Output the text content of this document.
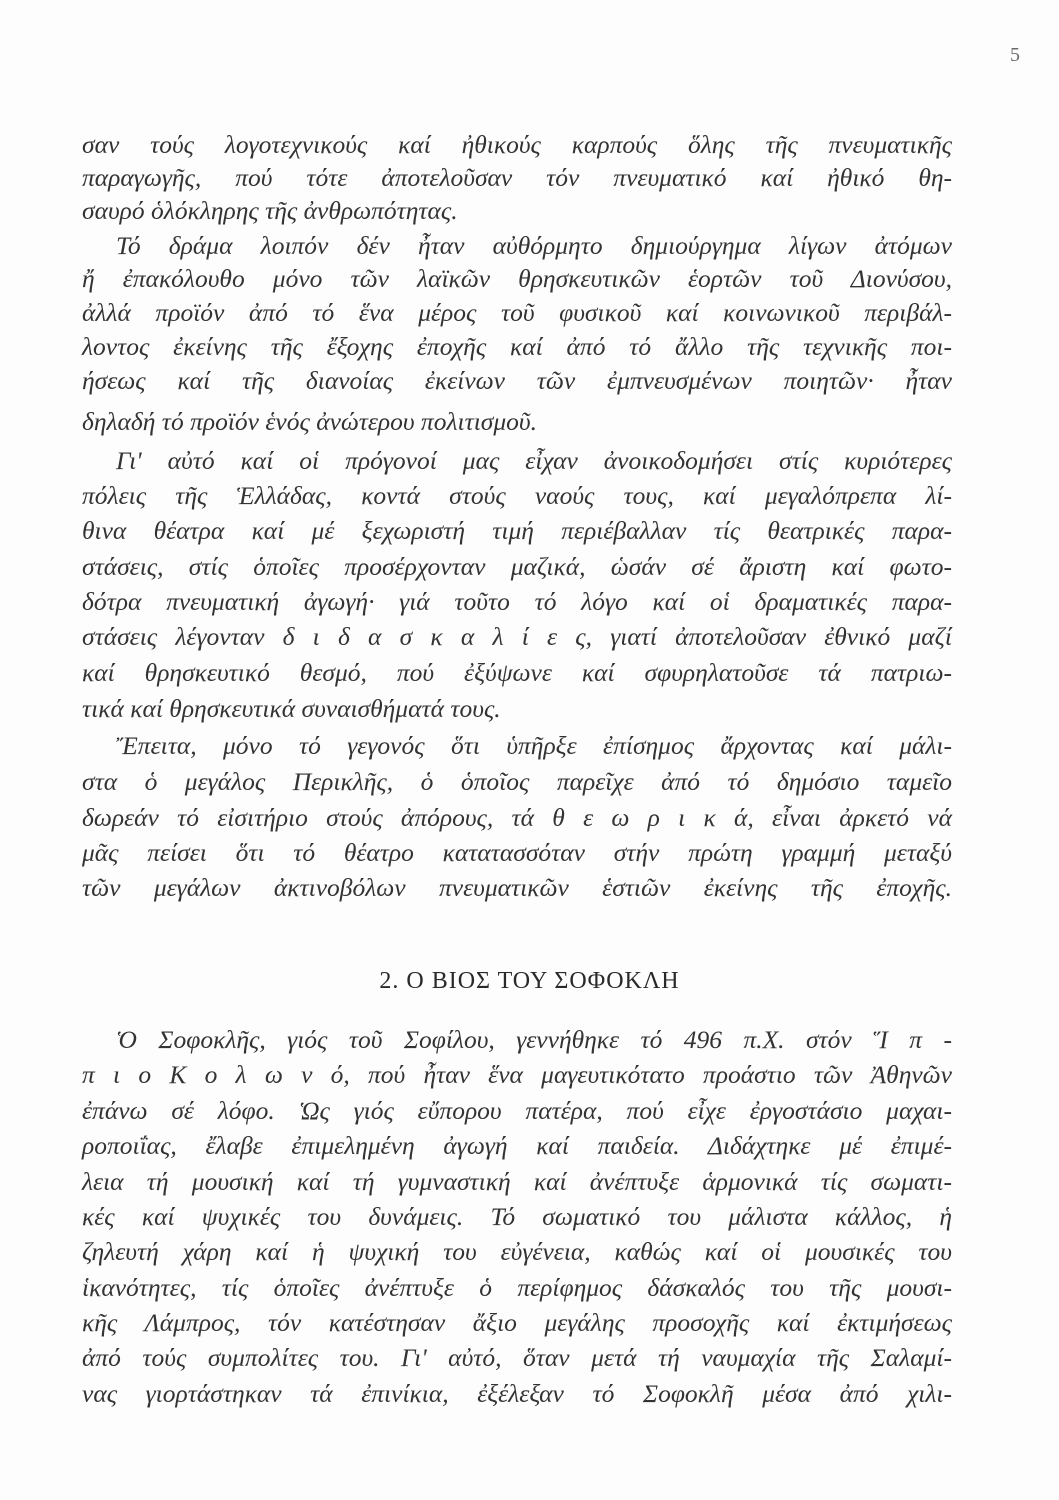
5
σαν τούς λογοτεχνικούς καί ἠθικούς καρπούς ὅλης τῆς πνευματικῆς
παραγωγῆς, πού τότε ἀποτελοῦσαν τόν πνευματικό καί ἠθικό θη-
σαυρό ὁλόκληρης τῆς ἀνθρωπότητας.
Τό δράμα λοιπόν δέν ἦταν αὐθόρμητο δημιούργημα λίγων ἀτόμων
ἤ ἐπακόλουθο μόνο τῶν λαϊκῶν θρησκευτικῶν ἑορτῶν τοῦ Διονύσου,
ἀλλά προϊόν ἀπό τό ἕνα μέρος τοῦ φυσικοῦ καί κοινωνικοῦ περιβάλ-
λοντος ἐκείνης τῆς ἔξοχης ἐποχῆς καί ἀπό τό ἄλλο τῆς τεχνικῆς ποι-
ήσεως καί τῆς διανοίας ἐκείνων τῶν ἐμπνευσμένων ποιητῶν· ἦταν
δηλαδή τό προϊόν ἑνός ἀνώτερου πολιτισμοῦ.
Γι' αὐτό καί οἱ πρόγονοί μας εἶχαν ἀνοικοδομήσει στίς κυριότερες
πόλεις τῆς Ἑλλάδας, κοντά στούς ναούς τους, καί μεγαλόπρεπα λί-
θινα θέατρα καί μέ ξεχωριστή τιμή περιέβαλλαν τίς θεατρικές παρα-
στάσεις, στίς ὁποῖες προσέρχονταν μαζικά, ὡσάν σέ ἄριστη καί φωτο-
δότρα πνευματική ἀγωγή· γιά τοῦτο τό λόγο καί οἱ δραματικές παρα-
στάσεις λέγονταν δ ι δ α σ κ α λ ί ε ς, γιατί ἀποτελοῦσαν ἐθνικό μαζί
καί θρησκευτικό θεσμό, πού ἐξύψωνε καί σφυρηλατοῦσε τά πατριω-
τικά καί θρησκευτικά συναισθήματά τους.
Ἔπειτα, μόνο τό γεγονός ὅτι ὑπῆρξε ἐπίσημος ἄρχοντας καί μάλι-
στα ὁ μεγάλος Περικλῆς, ὁ ὁποῖος παρεῖχε ἀπό τό δημόσιο ταμεῖο
δωρεάν τό εἰσιτήριο στούς ἀπόρους, τά θ ε ω ρ ι κ ά, εἶναι ἀρκετό νά
μᾶς πείσει ὅτι τό θέατρο κατατασσόταν στήν πρώτη γραμμή μεταξύ
τῶν μεγάλων ἀκτινοβόλων πνευματικῶν ἑστιῶν ἐκείνης τῆς ἐποχῆς.
2. Ο ΒΙΟΣ ΤΟΥ ΣΟΦΟΚΛΗ
Ὁ Σοφοκλῆς, γιός τοῦ Σοφίλου, γεννήθηκε τό 496 π.Χ. στόν Ἵ π -
π ι ο Κ ο λ ω ν ό, πού ἦταν ἕνα μαγευτικότατο προάστιο τῶν Ἀθηνῶν
ἐπάνω σέ λόφο. Ὡς γιός εὔπορου πατέρα, πού εἶχε ἐργοστάσιο μαχαι-
ροποιΐας, ἔλαβε ἐπιμελημένη ἀγωγή καί παιδεία. Διδάχτηκε μέ ἐπιμέ-
λεια τή μουσική καί τή γυμναστική καί ἀνέπτυξε ἁρμονικά τίς σωματι-
κές καί ψυχικές του δυνάμεις. Τό σωματικό του μάλιστα κάλλος, ἡ
ζηλευτή χάρη καί ἡ ψυχική του εὐγένεια, καθώς καί οἱ μουσικές του
ἱκανότητες, τίς ὁποῖες ἀνέπτυξε ὁ περίφημος δάσκαλός του τῆς μουσι-
κῆς Λάμπρος, τόν κατέστησαν ἄξιο μεγάλης προσοχῆς καί ἐκτιμήσεως
ἀπό τούς συμπολίτες του. Γι' αὐτό, ὅταν μετά τή ναυμαχία τῆς Σαλαμί-
νας γιορτάστηκαν τά ἐπινίκια, ἐξέλεξαν τό Σοφοκλῆ μέσα ἀπό χιλι-
